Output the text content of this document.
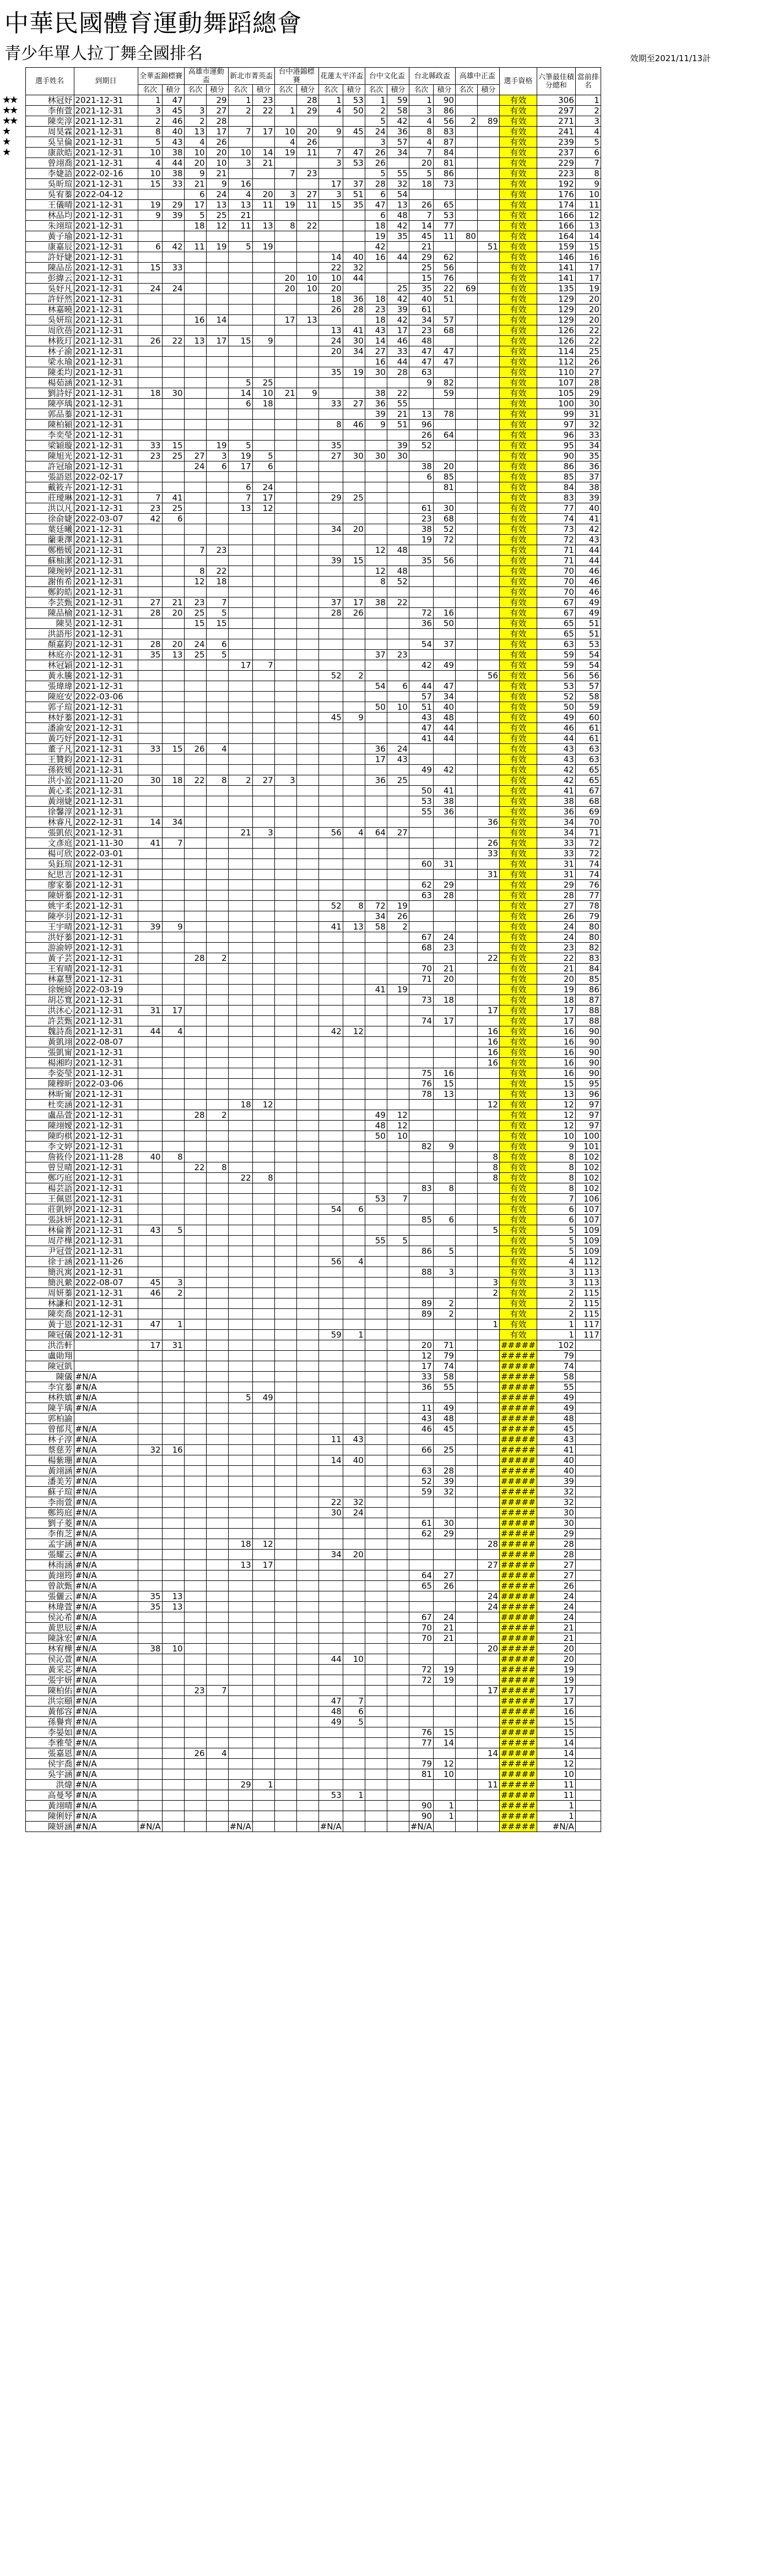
中華民國體育運動舞蹈總會
青少年單人拉丁舞全國排名	效期至2021/11/13計
	選手姓名	到期日	全華盃錦標賽		高雄市運動盃		新北市菁英盃		台中港錦標賽		花蓮太平洋盃		台中文化盃		台北縣政盃		高雄中正盃		選手資格	六筆最佳積分總和	當前排名
			名次	積分	名次	積分	名次	積分	名次	積分	名次	積分	名次	積分	名次	積分	名次	積分			
★★	林冠妤	2021-12-31	1	47		29	1	23		28	1	53	1	59	1	90			有效	306	1
★★	李侑萱	2021-12-31	3	45	3	27	2	22	1	29	4	50	2	58	3	86			有效	297	2
★★	陳奕淳	2021-12-31	2	46	2	28							5	42	4	56	2	89	有效	271	3
★	周昊霖	2021-12-31	8	40	13	17	7	17	10	20	9	45	24	36	8	83			有效	241	4
★	吳呈倫	2021-12-31	5	43	4	26			4	26			3	57	4	87			有效	239	5
★	康歆皓	2021-12-31	10	38	10	20	10	14	19	11	7	47	26	34	7	84			有效	237	6
	曾翊喬	2021-12-31	4	44	20	10	3	21			3	53	26		20	81			有效	229	7
	李婕語	2022-02-16	10	38	9	21			7	23			5	55	5	86			有效	223	8
	吳昕瑄	2021-12-31	15	33	21	9	16				17	37	28	32	18	73			有效	192	9
	吳宥蓁	2022-04-12			6	24	4	20	3	27	3	51	6	54					有效	176	10
	王儀晴	2021-12-31	19	29	17	13	13	11	19	11	15	35	47	13	26	65			有效	174	11
	林品均	2021-12-31	9	39	5	25	21						6	48	7	53			有效	166	12
	朱翊瑄	2021-12-31			18	12	11	13	8	22			18	42	14	77			有效	166	13
	黃子瑜	2021-12-31											19	35	45	11	80		有效	164	14
	康嘉辰	2021-12-31	6	42	11	19	5	19					42		21			51	有效	159	15
	許妤婕	2021-12-31									14	40	16	44	29	62			有效	146	16
	陳品岳	2021-12-31	15	33							22	32			25	56			有效	141	17
	彭緯云	2021-12-31							20	10	10	44			15	76			有效	141	17
	吳妤凡	2021-12-31	24	24					20	10	20			25	35	22	69		有效	135	19
	許妤然	2021-12-31									18	36	18	42	40	51			有效	129	20
	林嘉曉	2021-12-31									26	28	23	39	61				有效	129	20
	吳妍瑄	2021-12-31			16	14			17	13			18	42	34	57			有效	129	20
	周欣蓓	2021-12-31									13	41	43	17	23	68			有效	126	22
	林筱玎	2021-12-31	26	22	13	17	15	9			24	30	14	46	48				有效	126	22
	林子渝	2021-12-31									20	34	27	33	47	47			有效	114	25
	梁永瑜	2021-12-31											16	44	47	47			有效	112	26
	陳柔均	2021-12-31									35	19	30	28	63				有效	110	27
	楊茹涵	2021-12-31					5	25							9	82			有效	107	28
	劉詩妤	2021-12-31	18	30			14	10	21	9			38	22		59			有效	105	29
	陳亭瑀	2021-12-31					6	18			33	27	36	55					有效	100	30
	郭品蓁	2021-12-31											39	21	13	78			有效	99	31
	陳柏潁	2021-12-31									8	46	9	51	96				有效	97	32
	李奕瑩	2021-12-31													26	64			有效	96	33
	梁穎璇	2021-12-31	33	15		19	5				35			39	52				有效	95	34
	陳旭光	2021-12-31	23	25	27	3	19	5			27	30	30	30					有效	90	35
	許冠瑜	2021-12-31			24	6	17	6							38	20			有效	86	36
	張語恩	2022-02-17													6	85			有效	85	37
	戴筱卉	2021-12-31					6	24								81			有效	84	38
	莊璦琳	2021-12-31	7	41			7	17			29	25							有效	83	39
	洪以凡	2021-12-31	23	25			13	12							61	30			有效	77	40
	徐俞婕	2022-03-07	42	6											23	68			有效	74	41
	葉廷曦	2021-12-31									34	20			38	52			有效	73	42
	蘭秉澤	2021-12-31													19	72			有效	72	43
	鄭楷媛	2021-12-31			7	23							12	48					有效	71	44
	蘇柚潔	2021-12-31									39	15			35	56			有效	71	44
	陳琬婷	2021-12-31			8	22							12	48					有效	70	46
	謝侑希	2021-12-31			12	18							8	52					有效	70	46
	鄭鈞皓	2021-12-31																	有效	70	46
	李芸甄	2021-12-31	27	21	23	7					37	17	38	22					有效	67	49
	陳品榆	2021-12-31	28	20	25	5					28	26			72	16			有效	67	49
	陳昊	2021-12-31			15	15									36	50			有效	65	51
	洪語彤	2021-12-31																	有效	65	51
	顏嘉鈞	2021-12-31	28	20	24	6									54	37			有效	63	53
	林庭亦	2021-12-31	35	13	25	5							37	23					有效	59	54
	林冠穎	2021-12-31					17	7							42	49			有效	59	54
	黃永騰	2021-12-31									52	2						56	有效	56	56
	張瑋瑋	2021-12-31											54	6	44	47			有效	53	57
	陳庭安	2022-03-06													57	34			有效	52	58
	郭子瑄	2021-12-31											50	10	51	40			有效	50	59
	林妤蓁	2021-12-31									45	9			43	48			有效	49	60
	潘渝安	2021-12-31													47	44			有效	46	61
	黃巧妤	2021-12-31													41	44			有效	44	61
	董子凡	2021-12-31	33	15	26	4							36	24					有效	43	63
	王贊鈞	2021-12-31											17	43					有效	43	63
	孫筱媛	2021-12-31													49	42			有效	42	65
	洪小盈	2021-11-20	30	18	22	8	2	27	3				36	25					有效	42	65
	黃心柔	2021-12-31													50	41			有效	41	67
	黃翊婕	2021-12-31													53	38			有效	38	68
	徐馨淳	2021-12-31													55	36			有效	36	69
	林睿凡	2022-12-31	14	34														36	有效	34	70
	張凱依	2021-12-31					21	3			56	4	64	27					有效	34	71
	文彥庭	2021-11-30	41	7														26	有效	33	72
	楊可欣	2022-03-01																33	有效	33	72
	吳鈺瑄	2021-12-31													60	31			有效	31	74
	紀思言	2021-12-31																31	有效	31	74
	廖家蓁	2021-12-31													62	29			有效	29	76
	陳妍蓁	2021-12-31													63	28			有效	28	77
	姚宇柔	2021-12-31									52	8	72	19					有效	27	78
	陳亭羽	2021-12-31											34	26					有效	26	79
	王宇晴	2021-12-31	39	9							41	13	58	2					有效	24	80
	洪妤蓁	2021-12-31													67	24			有效	24	80
	游渝婷	2021-12-31													68	23			有效	23	82
	黃子芸	2021-12-31			28	2												22	有效	22	83
	王宥晴	2021-12-31													70	21			有效	21	84
	林嘉慧	2021-12-31													71	20			有效	20	85
	徐婉綺	2022-03-19											41	19					有效	19	86
	胡芯寬	2021-12-31													73	18			有效	18	87
	洪沐心	2021-12-31	31	17														17	有效	17	88
	許芸甄	2021-12-31													74	17			有效	17	88
	魏詩喬	2021-12-31	44	4							42	12						16	有效	16	90
	黃凱翊	2022-08-07																16	有效	16	90
	張凱甯	2021-12-31																16	有效	16	90
	楊湘昀	2021-12-31																16	有效	16	90
	李姿瑩	2021-12-31													75	16			有效	16	90
	陳穆昕	2022-03-06													76	15			有效	15	95
	林昕甯	2021-12-31													78	13			有效	13	96
	杜奕涵	2021-12-31					18	12										12	有效	12	97
	盧品萱	2021-12-31			28	2							49	12					有效	12	97
	陳翊嬡	2021-12-31											48	12					有效	12	97
	陳昀棋	2021-12-31											50	10					有效	10	100
	李文婷	2021-12-31													82	9			有效	9	101
	詹筱伶	2021-11-28	40	8														8	有效	8	102
	曾昱晴	2021-12-31			22	8												8	有效	8	102
	鄭巧庭	2021-12-31					22	8										8	有效	8	102
	楊芸語	2021-12-31													83	8			有效	8	102
	王佩恩	2021-12-31											53	7					有效	7	106
	莊凱婷	2021-12-31									54	6							有效	6	107
	張詠妍	2021-12-31													85	6			有效	6	107
	林倫菁	2021-12-31	43	5														5	有效	5	109
	周芹樺	2021-12-31											55	5					有效	5	109
	尹冠萱	2021-12-31													86	5			有效	5	109
	徐于涵	2021-11-26									56	4							有效	4	112
	簡汎寓	2021-12-31													88	3			有效	3	113
	簡汎縈	2022-08-07	45	3														3	有效	3	113
	周妍蓁	2021-12-31	46	2														2	有效	2	115
	林謙和	2021-12-31													89	2			有效	2	115
	陳奕喬	2021-12-31													89	2			有效	2	115
	黃于恩	2021-12-31	47	1														1	有效	1	117
	陳冠儀	2021-12-31									59	1							有效	1	117
	洪浩軒		17	31											20	71			#####	102	
	盧勛翔														12	79			#####	79	
	陳冠凱														17	74			#####	74	
	陳儀	#N/A													33	58			#####	58	
	李宜蓁	#N/A													36	55			#####	55	
	林秩嫃	#N/A					5	49											#####	49	
	陳芋瑀	#N/A													11	49			#####	49	
	郭柏諭														43	48			#####	48	
	曾郁芃	#N/A													46	45			#####	45	
	林子淳	#N/A									11	43							#####	43	
	蔡慈芳	#N/A	32	16											66	25			#####	41	
	楊紫珊	#N/A									14	40							#####	40	
	黃翊涵	#N/A													63	28			#####	40	
	潘美芳	#N/A													52	39			#####	39	
	蘇子瑄	#N/A													59	32			#####	32	
	李雨萱	#N/A									22	32							#####	32	
	鄭筠庭	#N/A									30	24							#####	30	
	劉子菱	#N/A													61	30			#####	30	
	李侑芝	#N/A													62	29			#####	29	
	孟宇涵	#N/A					18	12										28	#####	28	
	張耀云	#N/A									34	20							#####	28	
	林雨涵	#N/A					13	17										27	#####	27	
	黃翊筠	#N/A													64	27			#####	27	
	曾歆甄	#N/A													65	26			#####	26	
	張儷云	#N/A	35	13														24	#####	24	
	林瑋萱	#N/A	35	13														24	#####	24	
	侯沁希	#N/A													67	24			#####	24	
	黃思辰	#N/A													70	21			#####	21	
	陳詠宏	#N/A													70	21			#####	21	
	林宥樺	#N/A	38	10														20	#####	20	
	侯沁萱	#N/A									44	10							#####	20	
	黃采芯	#N/A													72	19			#####	19	
	張宇妍	#N/A													72	19			#####	19	
	陳柏佑	#N/A			23	7												17	#####	17	
	洪宗頤	#N/A									47	7							#####	17	
	黃郁容	#N/A									48	6							#####	16	
	孫譽齊	#N/A									49	5							#####	15	
	李晏如	#N/A													76	15			#####	15	
	李雅瑩	#N/A													77	14			#####	14	
	張嘉恩	#N/A			26	4												14	#####	14	
	侯宇喬	#N/A													79	12			#####	12	
	吳宇涵	#N/A													81	10			#####	10	
	洪煒	#N/A					29	1										11	#####	11	
	高曼琴	#N/A									53	1							#####	11	
	黃翊晴	#N/A													90	1			#####	1	
	陳俐妤	#N/A													90	1			#####	1	
	陳妍涵	#N/A	#N/A				#N/A				#N/A				#N/A				#####	#N/A	
